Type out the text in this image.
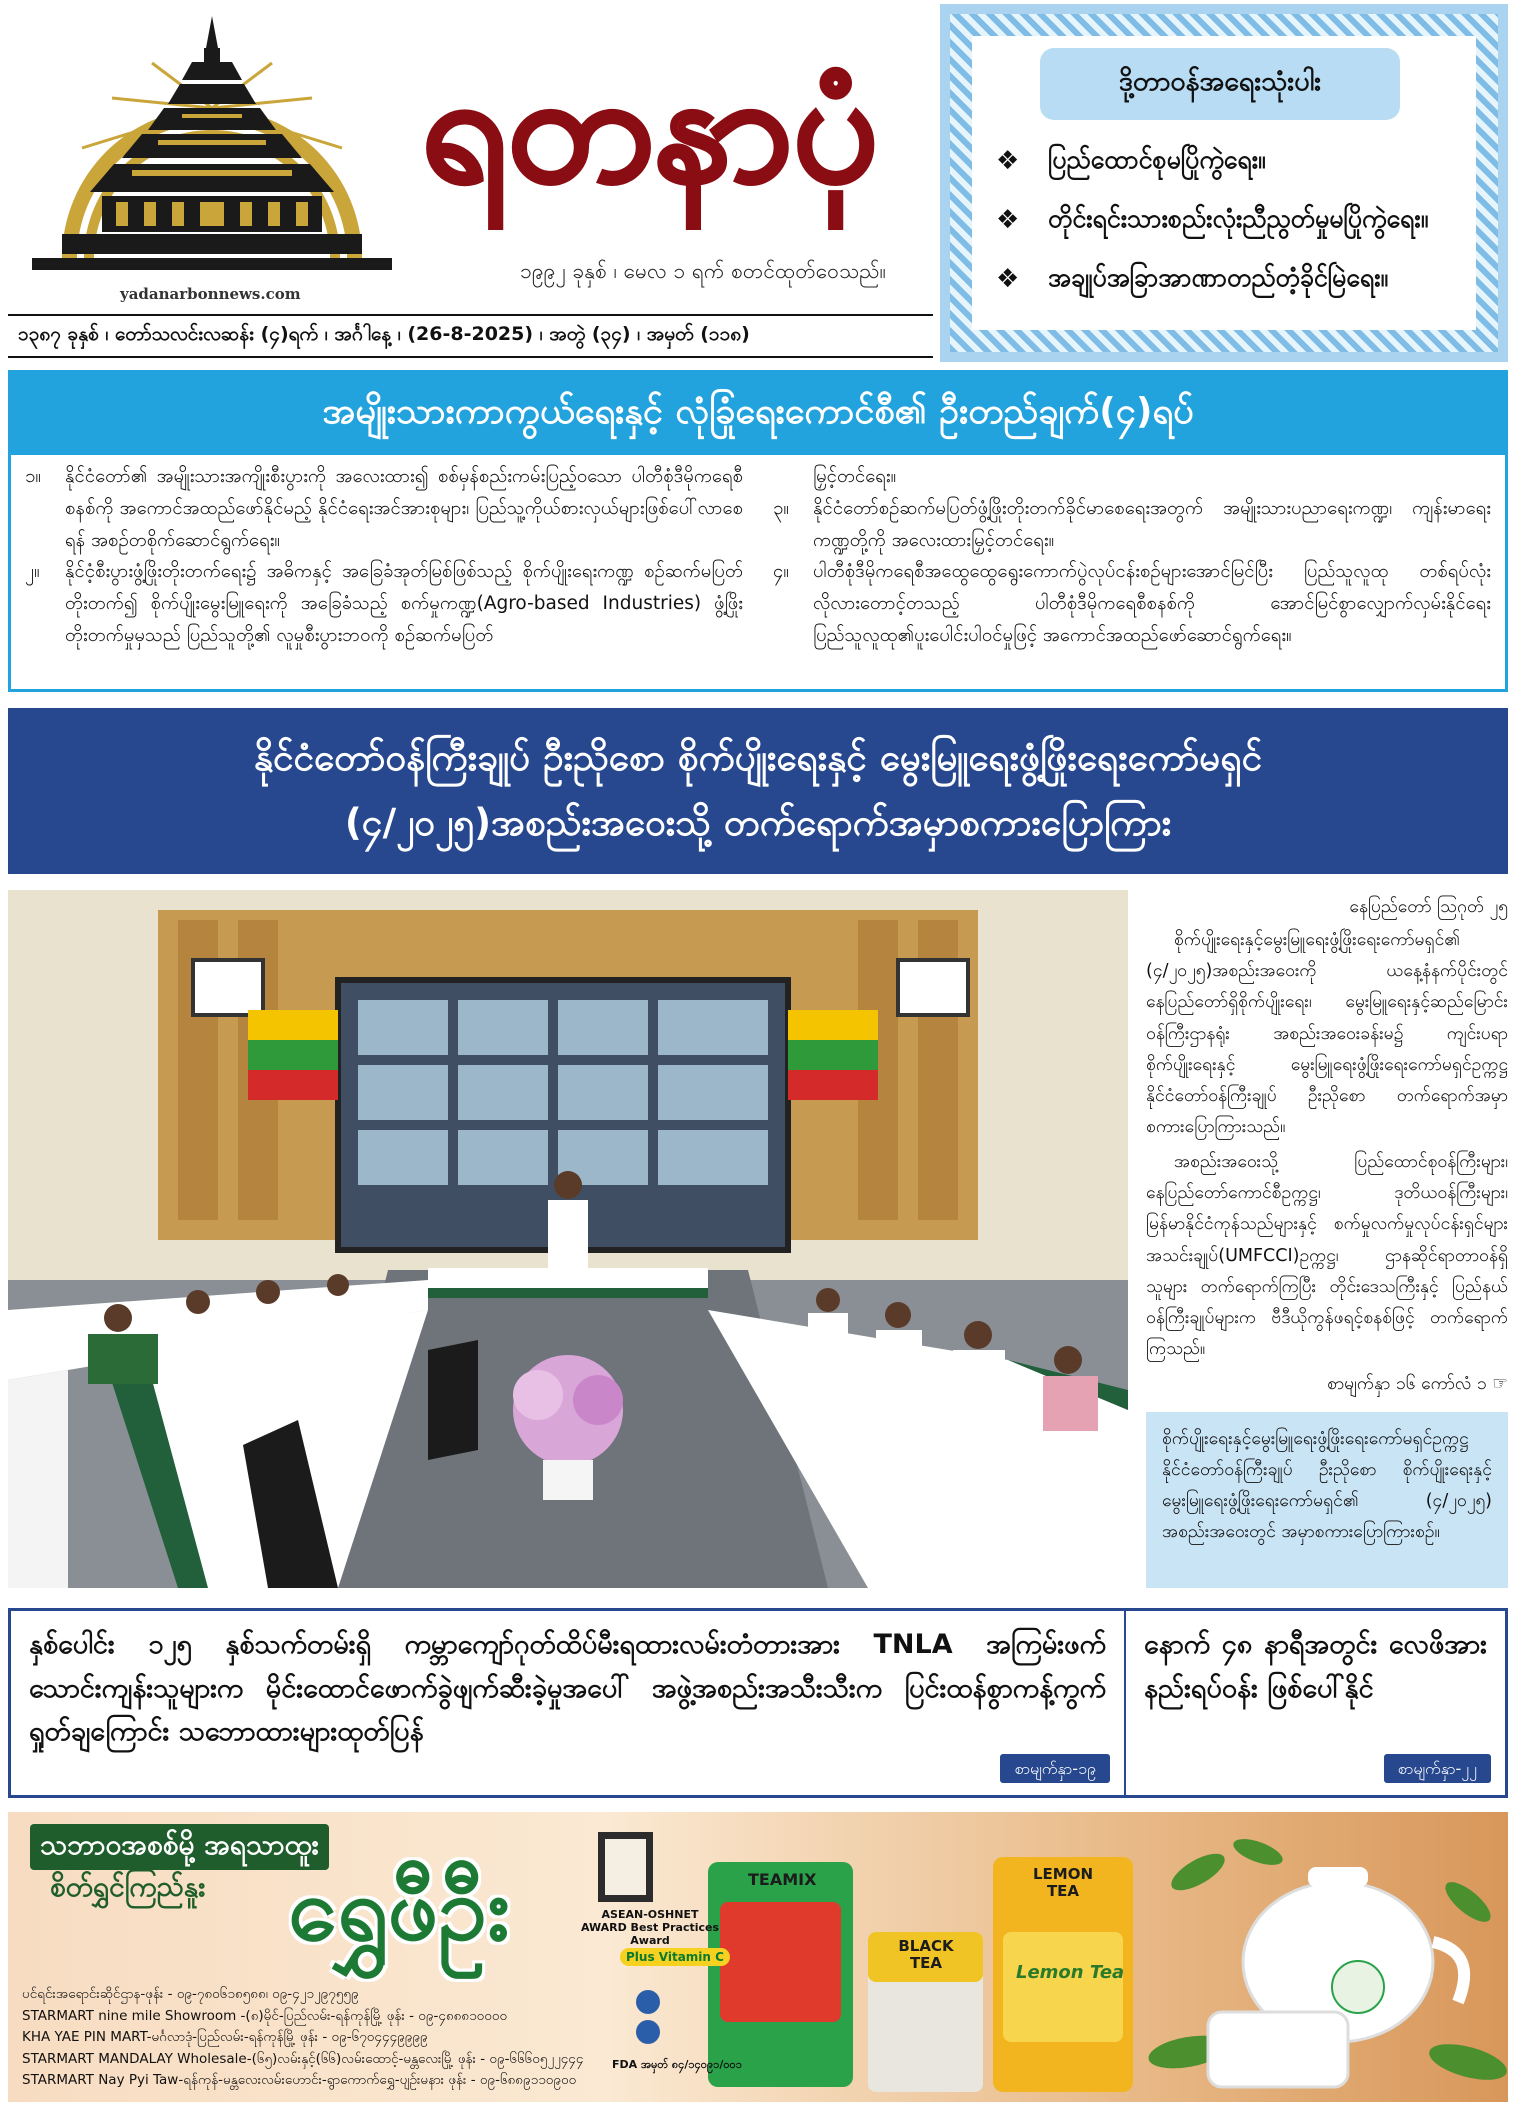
yadanarbonnews.com
ရတနာပုံ
၁၉၉၂ ခုနှစ် ၊ မေလ ၁ ရက် စတင်ထုတ်ဝေသည်။
၁၃၈၇ ခုနှစ် ၊ တော်သလင်းလဆန်း (၄)ရက် ၊ အင်္ဂါနေ့ ၊ (26-8-2025) ၊ အတွဲ (၃၄) ၊ အမှတ် (၁၁၈)
ဒို့တာဝန်အရေးသုံးပါး
❖
ပြည်ထောင်စုမပြိုကွဲရေး။
❖
တိုင်းရင်းသားစည်းလုံးညီညွတ်မှုမပြိုကွဲရေး။
❖
အချုပ်အခြာအာဏာတည်တံ့ခိုင်မြဲရေး။
အမျိုးသားကာကွယ်ရေးနှင့် လုံခြုံရေးကောင်စီ၏ ဦးတည်ချက်(၄)ရပ်
၁။	နိုင်ငံတော်၏ အမျိုးသားအကျိုးစီးပွားကို အလေးထား၍ စစ်မှန်စည်းကမ်းပြည့်ဝသော ပါတီစုံဒီမိုကရေစီစနစ်ကို အကောင်အထည်ဖော်နိုင်မည့် နိုင်ငံရေးအင်အားစုများ၊ ပြည်သူ့ကိုယ်စားလှယ်များဖြစ်ပေါ်လာစေရန် အစဉ်တစိုက်ဆောင်ရွက်ရေး။
၂။	နိုင်ငံ့စီးပွားဖွံ့ဖြိုးတိုးတက်ရေး၌ အဓိကနှင့် အခြေခံအုတ်မြစ်ဖြစ်သည့် စိုက်ပျိုးရေးကဏ္ဍ စဉ်ဆက်မပြတ်တိုးတက်၍ စိုက်ပျိုးမွေးမြူရေးကို အခြေခံသည့် စက်မှုကဏ္ဍ(Agro-based Industries) ဖွံ့ဖြိုးတိုးတက်မှုမှသည် ပြည်သူတို့၏ လူမှုစီးပွားဘဝကို စဉ်ဆက်မပြတ်
မြှင့်တင်ရေး။
၃။	နိုင်ငံတော်စဉ်ဆက်မပြတ်ဖွံ့ဖြိုးတိုးတက်ခိုင်မာစေရေးအတွက် အမျိုးသားပညာရေးကဏ္ဍ၊ ကျန်းမာရေးကဏ္ဍတို့ကို အလေးထားမြှင့်တင်ရေး။
၄။	ပါတီစုံဒီမိုကရေစီအထွေထွေရွေးကောက်ပွဲလုပ်ငန်းစဉ်များအောင်မြင်ပြီး ပြည်သူလူထု တစ်ရပ်လုံး လိုလားတောင့်တသည့် ပါတီစုံဒီမိုကရေစီစနစ်ကို အောင်မြင်စွာလျှောက်လှမ်းနိုင်ရေး ပြည်သူလူထု၏ပူးပေါင်းပါဝင်မှုဖြင့် အကောင်အထည်ဖော်ဆောင်ရွက်ရေး။
နိုင်ငံတော်ဝန်ကြီးချုပ် ဦးညိုစော စိုက်ပျိုးရေးနှင့် မွေးမြူရေးဖွံ့ဖြိုးရေးကော်မရှင်
(၄/၂၀၂၅)အစည်းအဝေးသို့ တက်ရောက်အမှာစကားပြောကြား

နေပြည်တော် ဩဂုတ် ၂၅

စိုက်ပျိုးရေးနှင့်မွေးမြူရေးဖွံ့ဖြိုးရေးကော်မရှင်၏ (၄/၂၀၂၅)အစည်းအဝေးကို ယနေ့နံနက်ပိုင်းတွင် နေပြည်တော်ရှိစိုက်ပျိုးရေး၊ မွေးမြူရေးနှင့်ဆည်မြောင်းဝန်ကြီးဌာနရုံး အစည်းအဝေးခန်းမ၌ ကျင်းပရာ စိုက်ပျိုးရေးနှင့် မွေးမြူရေးဖွံ့ဖြိုးရေးကော်မရှင်ဥက္ကဋ္ဌ နိုင်ငံတော်ဝန်ကြီးချုပ် ဦးညိုစော တက်ရောက်အမှာစကားပြောကြားသည်။

အစည်းအဝေးသို့ ပြည်ထောင်စုဝန်ကြီးများ၊ နေပြည်တော်ကောင်စီဥက္ကဋ္ဌ၊ ဒုတိယဝန်ကြီးများ၊ မြန်မာနိုင်ငံကုန်သည်များနှင့် စက်မှုလက်မှုလုပ်ငန်းရှင်များအသင်းချုပ်(UMFCCI)ဥက္ကဋ္ဌ၊ ဌာနဆိုင်ရာတာဝန်ရှိသူများ တက်ရောက်ကြပြီး တိုင်းဒေသကြီးနှင့် ပြည်နယ်ဝန်ကြီးချုပ်များက ဗီဒီယိုကွန်ဖရင့်စနစ်ဖြင့် တက်ရောက်ကြသည်။

စာမျက်နှာ ၁၆ ကော်လံ ၁ ☞

စိုက်ပျိုးရေးနှင့်မွေးမြူရေးဖွံ့ဖြိုးရေးကော်မရှင်ဥက္ကဋ္ဌ နိုင်ငံတော်ဝန်ကြီးချုပ် ဦးညိုစော စိုက်ပျိုးရေးနှင့် မွေးမြူရေးဖွံ့ဖြိုးရေးကော်မရှင်၏ (၄/၂၀၂၅) အစည်းအဝေးတွင် အမှာစကားပြောကြားစဉ်။
နှစ်ပေါင်း ၁၂၅ နှစ်သက်တမ်းရှိ ကမ္ဘာကျော်ဂုတ်ထိပ်မီးရထားလမ်းတံတားအား TNLA အကြမ်းဖက်သောင်းကျန်းသူများက မိုင်းထောင်ဖောက်ခွဲဖျက်ဆီးခဲ့မှုအပေါ် အဖွဲ့အစည်းအသီးသီးက ပြင်းထန်စွာကန့်ကွက်ရှုတ်ချကြောင်း သဘောထားများထုတ်ပြန်
စာမျက်နှာ-၁၉
နောက် ၄၈ နာရီအတွင်း လေဖိအားနည်းရပ်ဝန်း ဖြစ်ပေါ်နိုင်
စာမျက်နှာ-၂၂
သဘာဝအစစ်မို့ အရသာထူး
စိတ်ရွှင်ကြည်နူး ရွှေဖီဦး	ASEAN-OSHNET AWARD Best Practices Award
Plus Vitamin C
FDA အမှတ် ၈၄/၁၄၀၉၁/၀၀၁
TEAMIX
BLACK TEA
LEMON TEA
Lemon Tea
ပင်ရင်းအရောင်းဆိုင်ဌာန-ဖုန်း - ၀၉-၇၈၀၆၁၈၅၈၈၊ ၀၉-၄၂၁၂၉၇၅၅၉
STARMART nine mile Showroom -(၈)မိုင်-ပြည်လမ်း-ရန်ကုန်မြို့ ဖုန်း - ၀၉-၄၈၈၈၁၀၀၀၀
KHA YAE PIN MART-မင်္ဂလာဒုံ-ပြည်လမ်း-ရန်ကုန်မြို့ ဖုန်း - ၀၉-၆၇၀၄၄၄၉၉၉၉
STARMART MANDALAY Wholesale-(၆၅)လမ်းနှင့်(၆၆)လမ်းထောင့်-မန္တလေးမြို့ ဖုန်း - ၀၉-၆၆၆၀၅၂၂၄၄၄
STARMART Nay Pyi Taw-ရန်ကုန်-မန္တလေးလမ်းဟောင်း-ရွာကောက်ရွှေ-ပျဉ်းမနား ဖုန်း - ၀၉-၆၈၈၉၁၁၀၉၀၀
